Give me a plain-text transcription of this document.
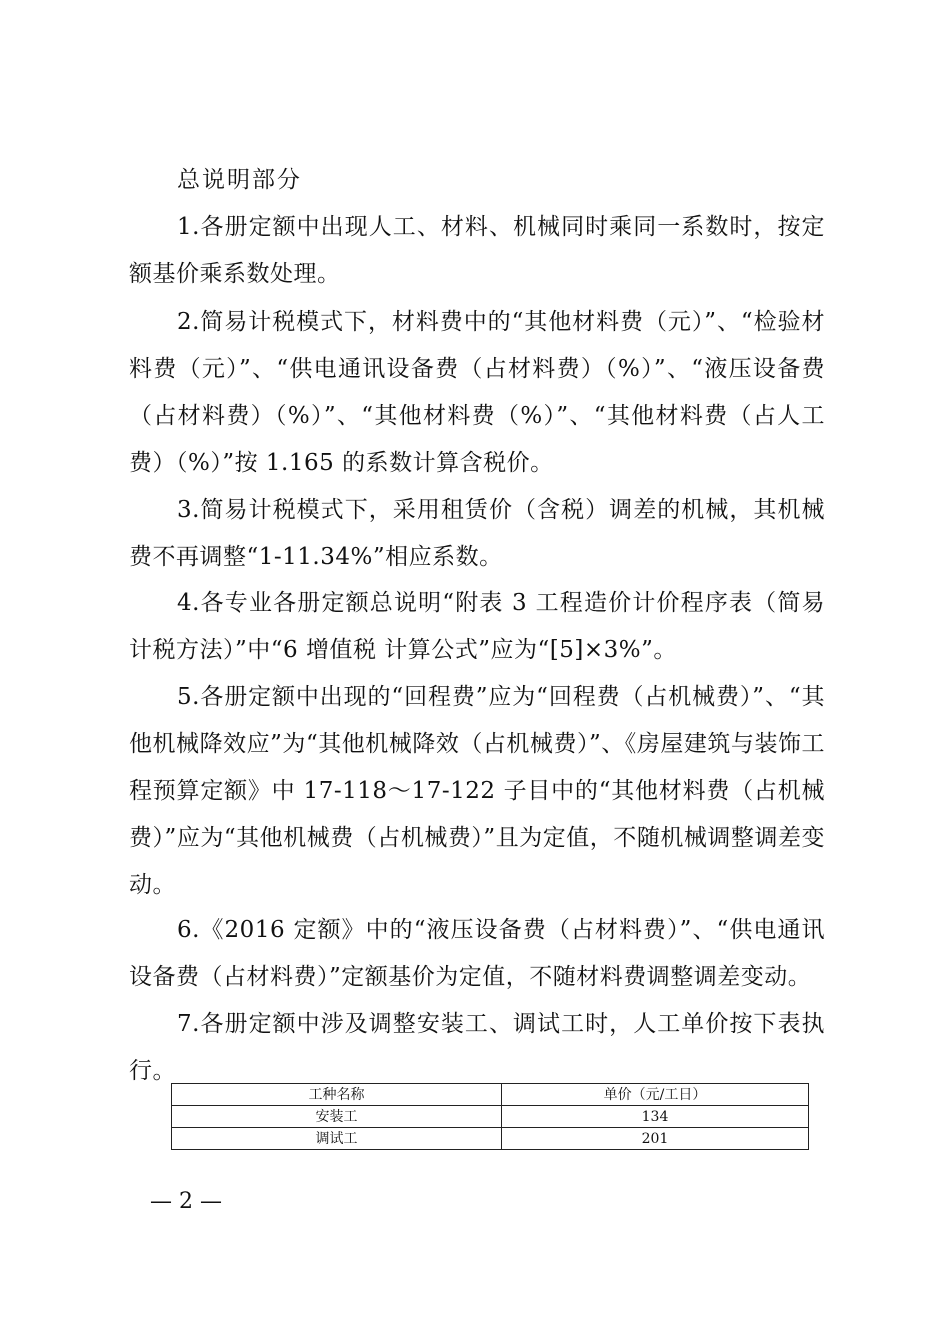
总说明部分
1.各册定额中出现人工、材料、机械同时乘同一系数时，按定额基价乘系数处理。
2.简易计税模式下，材料费中的“其他材料费（元）”、“检验材料费（元）”、“供电通讯设备费（占材料费）（%）”、“液压设备费（占材料费）（%）”、“其他材料费（%）”、“其他材料费（占人工费）（%）”按 1.165 的系数计算含税价。
3.简易计税模式下，采用租赁价（含税）调差的机械，其机械费不再调整“1-11.34%”相应系数。
4.各专业各册定额总说明“附表 3 工程造价计价程序表（简易计税方法）”中“6 增值税 计算公式”应为“[5]×3%”。
5.各册定额中出现的“回程费”应为“回程费（占机械费）”、“其他机械降效应”为“其他机械降效（占机械费）”、《房屋建筑与装饰工程预算定额》中 17-118～17-122 子目中的“其他材料费（占机械费）”应为“其他机械费（占机械费）”且为定值，不随机械调整调差变动。
6.《2016 定额》中的“液压设备费（占材料费）”、“供电通讯设备费（占材料费）”定额基价为定值，不随材料费调整调差变动。
7.各册定额中涉及调整安装工、调试工时，人工单价按下表执行。
工种名称	单价（元/工日）
安装工	134
调试工	201
— 2 —
